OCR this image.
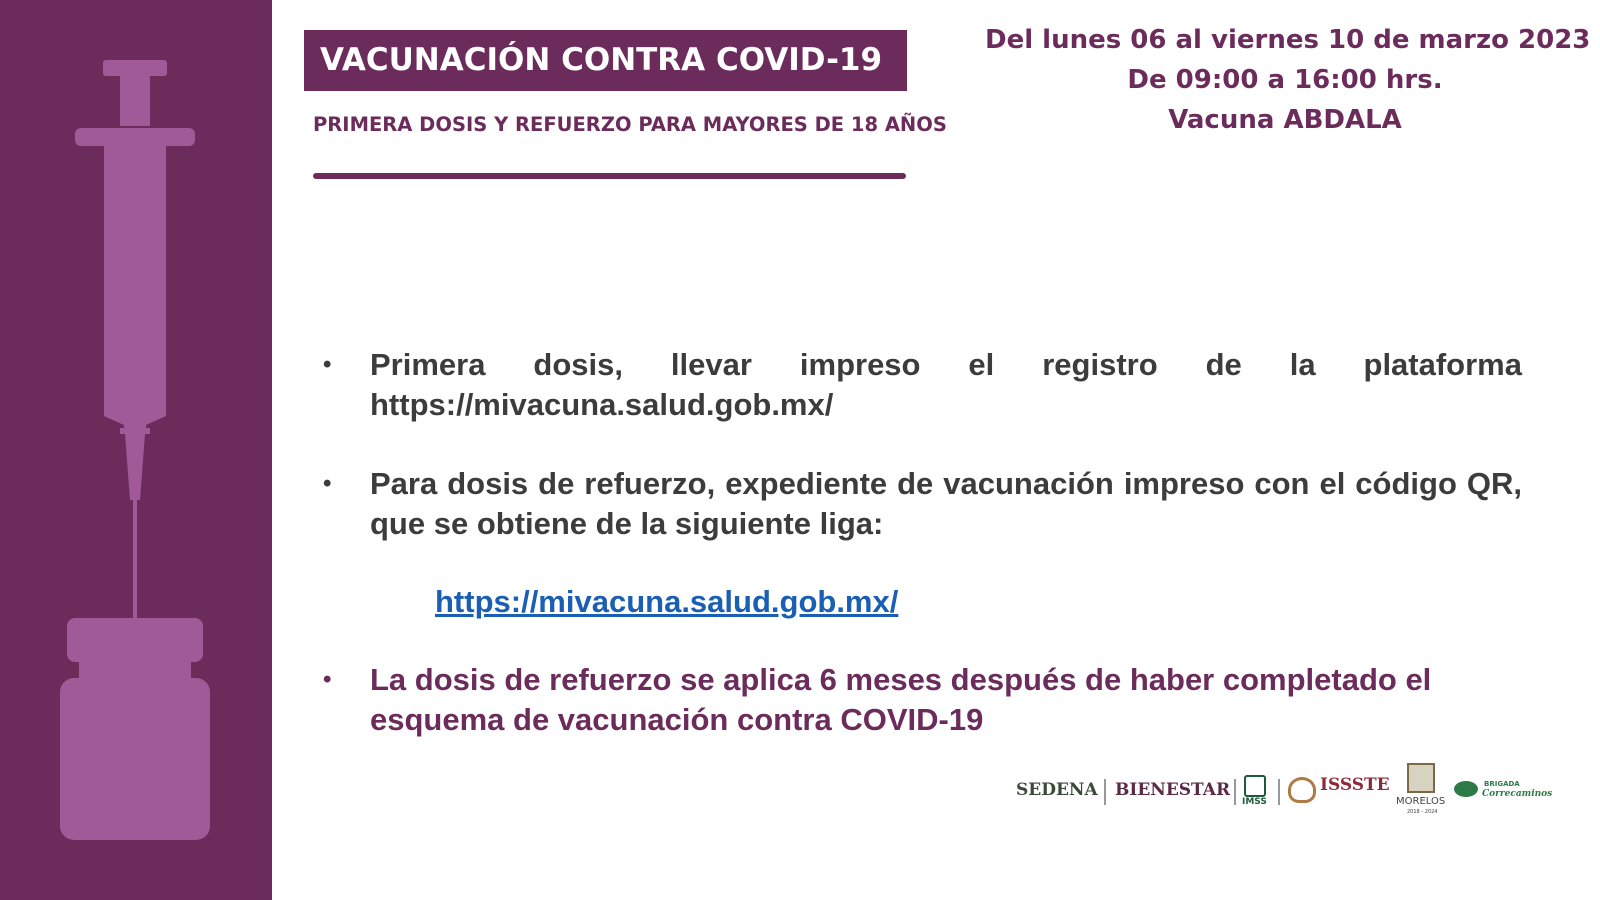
VACUNACIÓN CONTRA COVID-19
PRIMERA DOSIS Y REFUERZO PARA MAYORES DE 18 AÑOS
Del lunes 06 al viernes 10 de marzo 2023
De 09:00 a 16:00 hrs.
Vacuna ABDALA
• Primera dosis, llevar impreso el registro de la plataforma https://mivacuna.salud.gob.mx/
• Para dosis de refuerzo, expediente de vacunación impreso con el código QR, que se obtiene de la siguiente liga:
https://mivacuna.salud.gob.mx/
• La dosis de refuerzo se aplica 6 meses después de haber completado el esquema de vacunación contra COVID-19
SEDENA BIENESTAR
IMSS
ISSSTE
MORELOS
2018 - 2024
BRIGADA
Correcaminos
